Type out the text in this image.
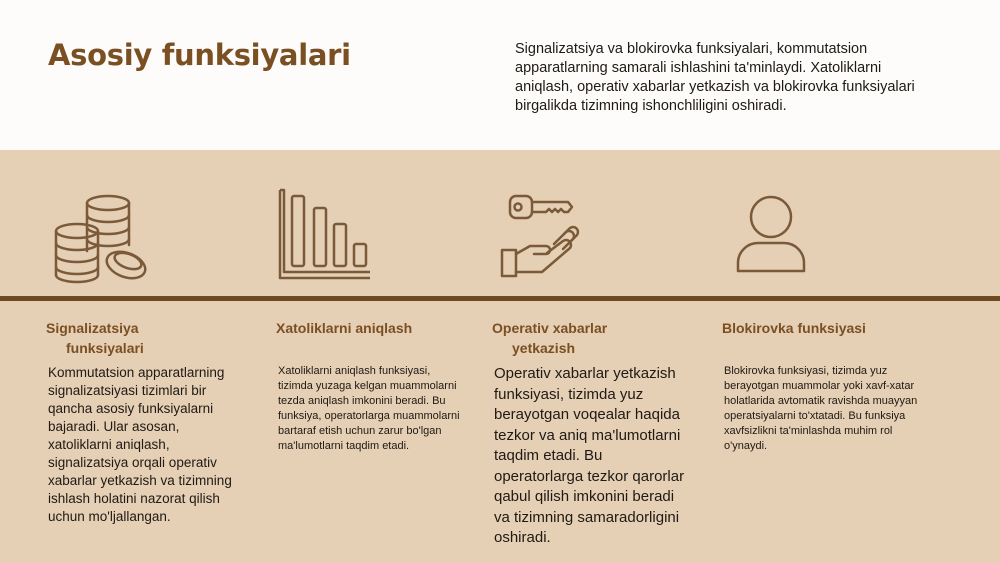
Asosiy funksiyalari	Signalizatsiya va blokirovka funksiyalari, kommutatsion apparatlarning samarali ishlashini ta'minlaydi. Xatoliklarni aniqlash, operativ xabarlar yetkazish va blokirovka funksiyalari birgalikda tizimning ishonchliligini oshiradi.

Signalizatsiya
funksiyalari

Kommutatsion apparatlarning signalizatsiyasi tizimlari bir qancha asosiy funksiyalarni bajaradi. Ular asosan, xatoliklarni aniqlash, signalizatsiya orqali operativ xabarlar yetkazish va tizimning ishlash holatini nazorat qilish uchun mo'ljallangan.

Xatoliklarni aniqlash

Xatoliklarni aniqlash funksiyasi, tizimda yuzaga kelgan muammolarni tezda aniqlash imkonini beradi. Bu funksiya, operatorlarga muammolarni bartaraf etish uchun zarur bo'lgan ma'lumotlarni taqdim etadi.

Operativ xabarlar
yetkazish

Operativ xabarlar yetkazish funksiyasi, tizimda yuz berayotgan voqealar haqida tezkor va aniq ma'lumotlarni taqdim etadi. Bu operatorlarga tezkor qarorlar qabul qilish imkonini beradi va tizimning samaradorligini oshiradi.

Blokirovka funksiyasi

Blokirovka funksiyasi, tizimda yuz berayotgan muammolar yoki xavf-xatar holatlarida avtomatik ravishda muayyan operatsiyalarni to'xtatadi. Bu funksiya xavfsizlikni ta'minlashda muhim rol o'ynaydi.
